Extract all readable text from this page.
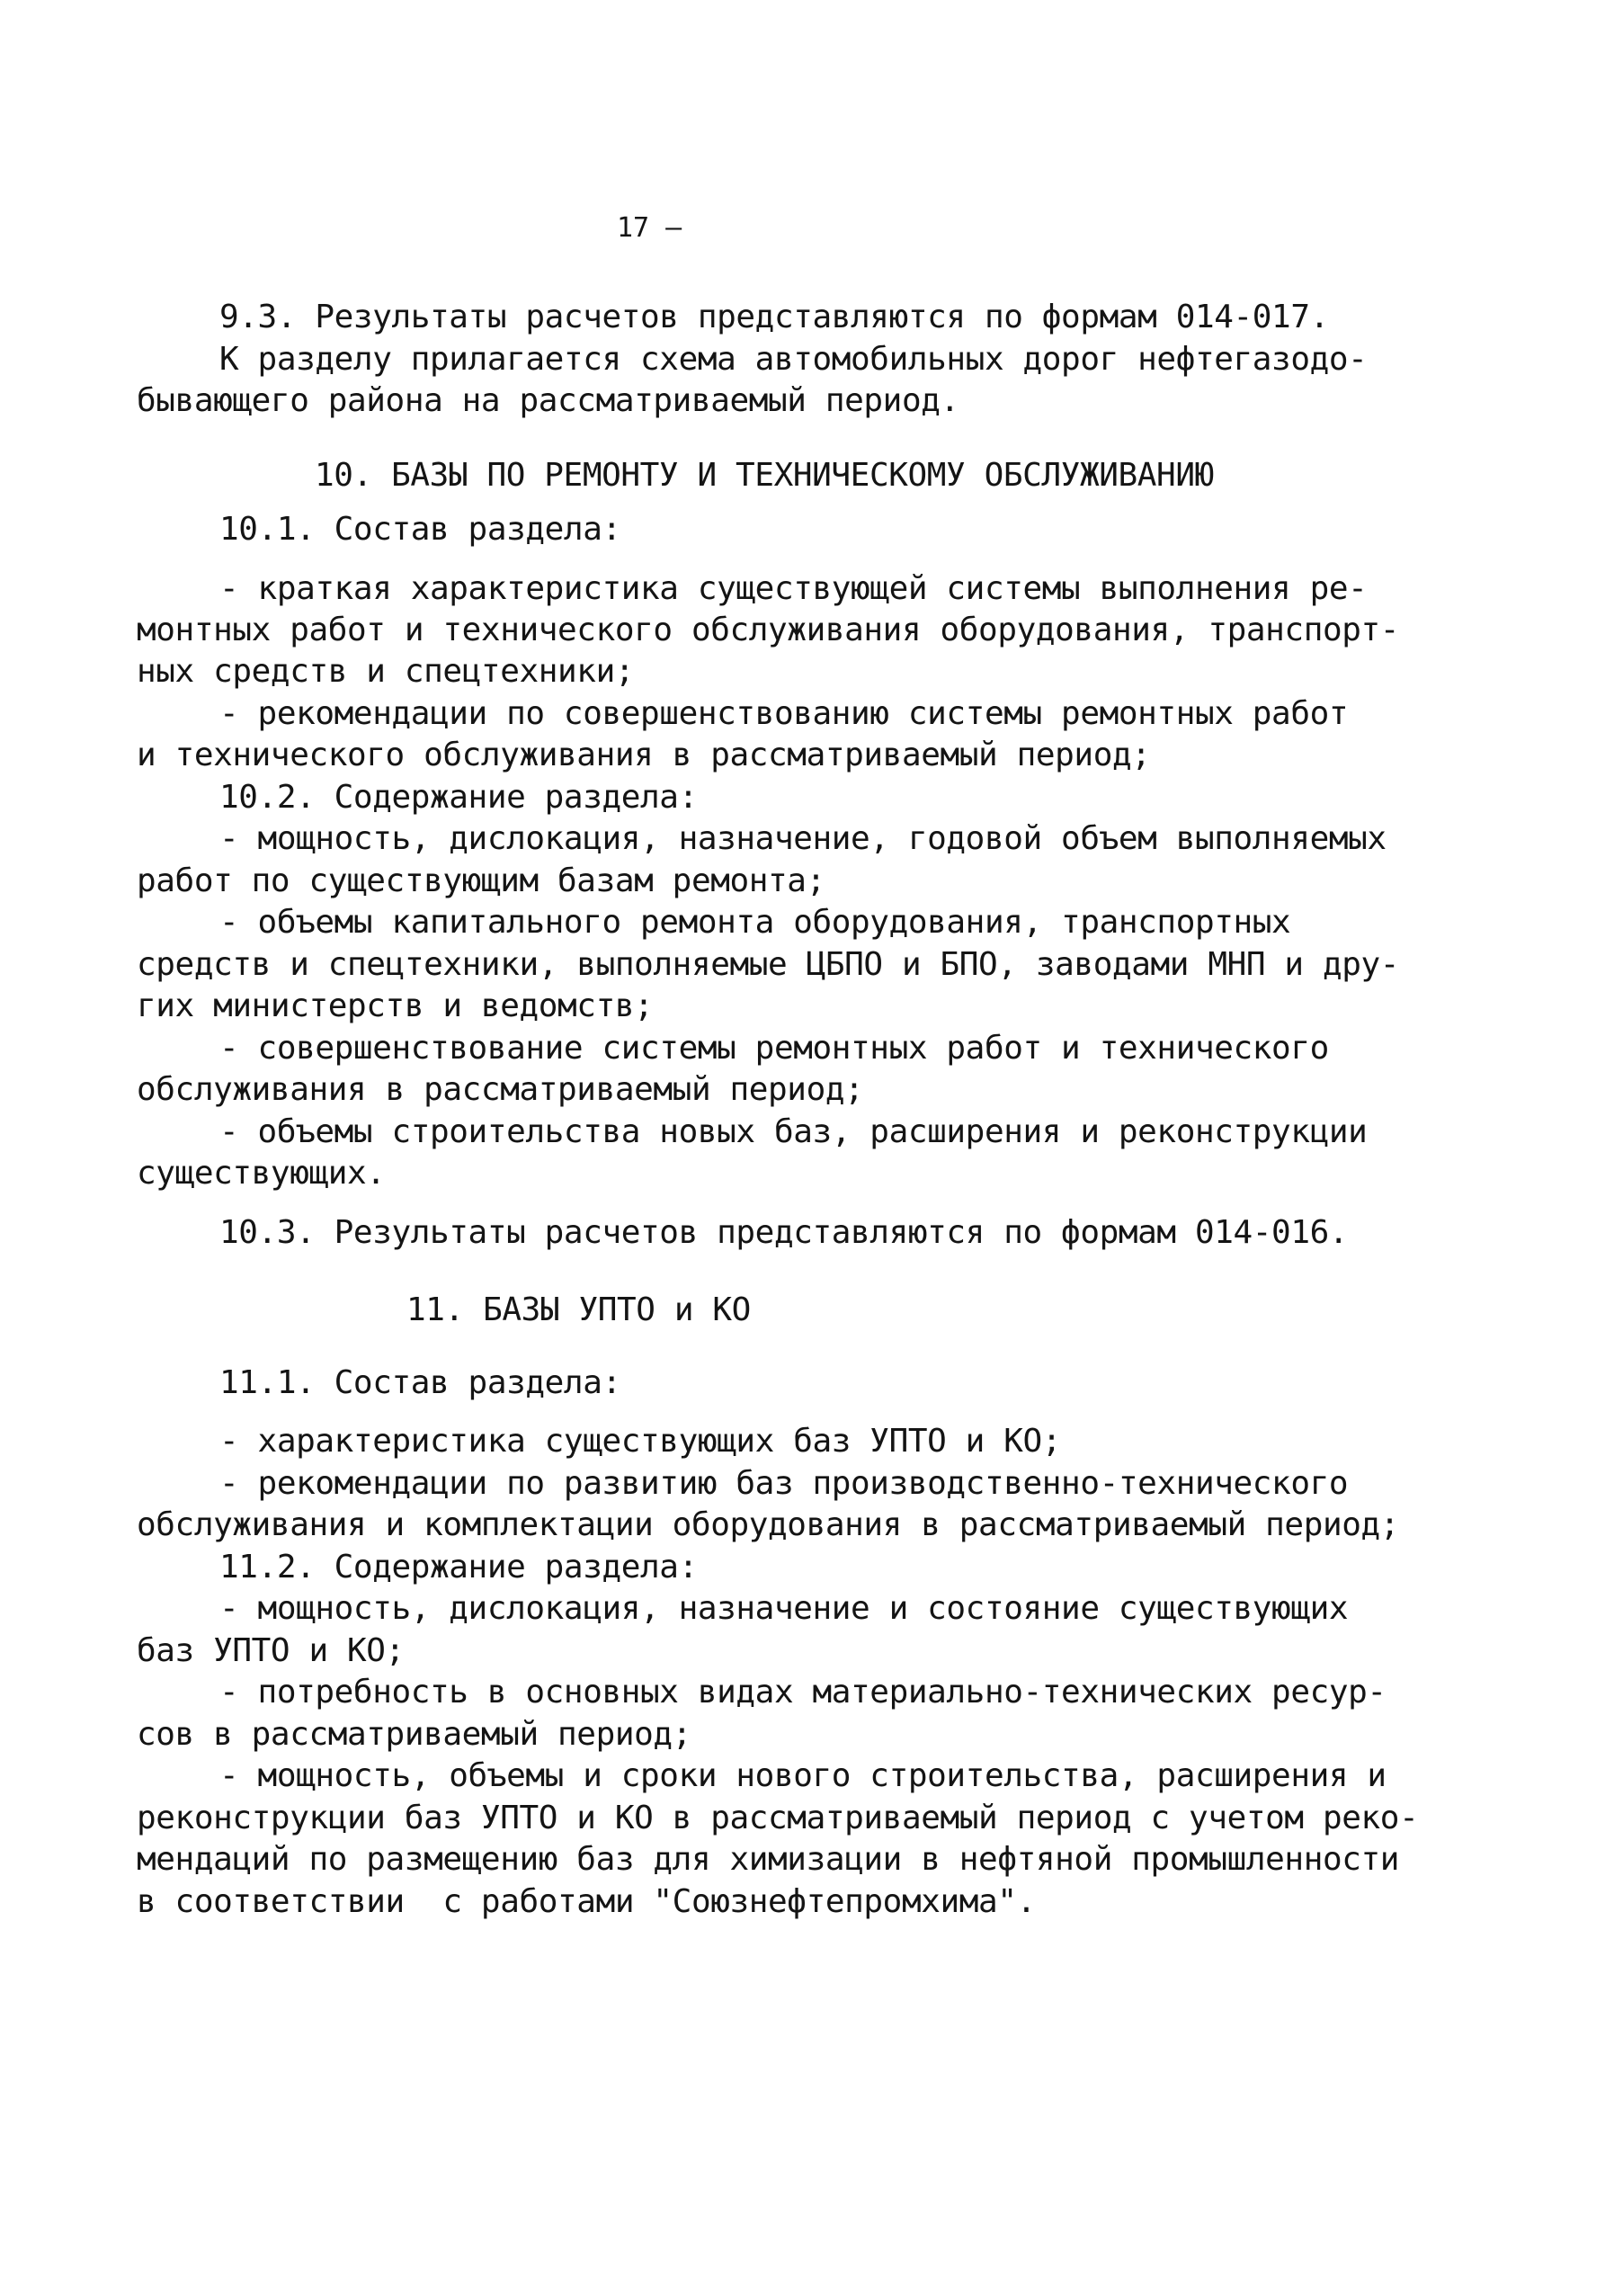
17 –
9.3. Результаты расчетов представляются по формам 014-017.
К разделу прилагается схема автомобильных дорог нефтегазодо-
бывающего района на рассматриваемый период.
10. БАЗЫ ПО РЕМОНТУ И ТЕХНИЧЕСКОМУ ОБСЛУЖИВАНИЮ
10.1. Состав раздела:
- краткая характеристика существующей системы выполнения ре-
монтных работ и технического обслуживания оборудования, транспорт-
ных средств и спецтехники;
- рекомендации по совершенствованию системы ремонтных работ
и технического обслуживания в рассматриваемый период;
10.2. Содержание раздела:
- мощность, дислокация, назначение, годовой объем выполняемых
работ по существующим базам ремонта;
- объемы капитального ремонта оборудования, транспортных
средств и спецтехники, выполняемые ЦБПО и БПО, заводами МНП и дру-
гих министерств и ведомств;
- совершенствование системы ремонтных работ и технического
обслуживания в рассматриваемый период;
- объемы строительства новых баз, расширения и реконструкции
существующих.
10.3. Результаты расчетов представляются по формам 014-016.
11. БАЗЫ УПТО и КО
11.1. Состав раздела:
- характеристика существующих баз УПТО и КО;
- рекомендации по развитию баз производственно-технического
обслуживания и комплектации оборудования в рассматриваемый период;
11.2. Содержание раздела:
- мощность, дислокация, назначение и состояние существующих
баз УПТО и КО;
- потребность в основных видах материально-технических ресур-
сов в рассматриваемый период;
- мощность, объемы и сроки нового строительства, расширения и
реконструкции баз УПТО и КО в рассматриваемый период с учетом реко-
мендаций по размещению баз для химизации в нефтяной промышленности
в соответствии  с работами "Союзнефтепромхима".
